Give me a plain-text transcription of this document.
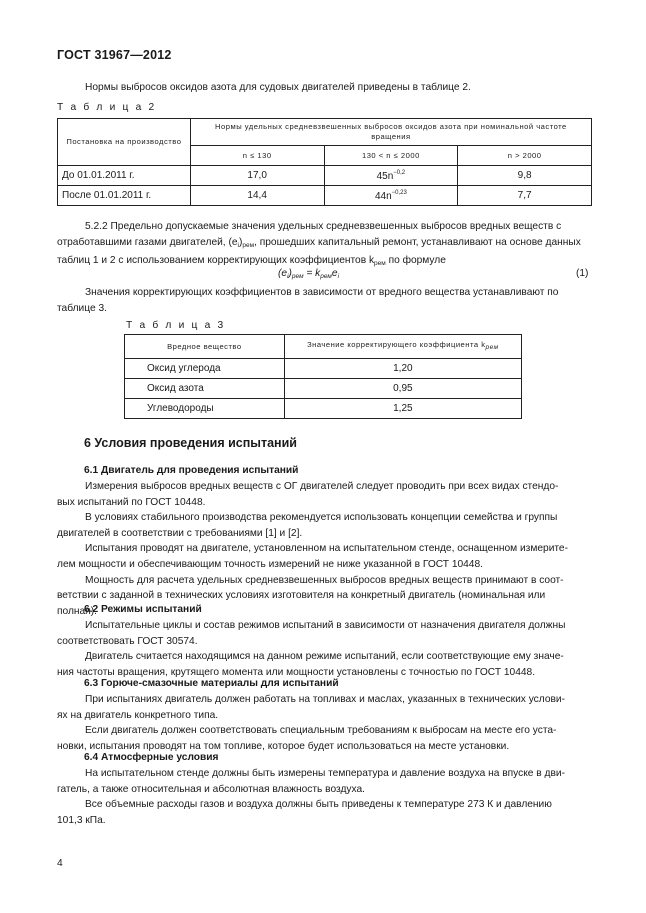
ГОСТ 31967—2012
Нормы выбросов оксидов азота для судовых двигателей приведены в таблице 2.
Т а б л и ц а 2
Постановка на производство	Нормы удельных средневзвешенных выбросов оксидов азота при номинальной частоте вращения		
	n ≤ 130	130 < n ≤ 2000	n > 2000
До 01.01.2011 г.	17,0	$45n^{-0,2}$	9,8
После 01.01.2011 г.	14,4	$44n^{-0,23}$	7,7
5.2.2 Предельно допускаемые значения удельных средневзвешенных выбросов вредных веществ с
отработавшими газами двигателей, $(e_i)_{рем}$, прошедших капитальный ремонт, устанавливают на основе данных
таблиц 1 и 2 с использованием корректирующих коэффициентов $k_{рем}$ по формуле
$(e_i)_{рем} = k_{рем}e_i$	(1)
Значения корректирующих коэффициентов в зависимости от вредного вещества устанавливают по
таблице 3.
Т а б л и ц а 3
Вредное вещество	Значение корректирующего коэффициента $k_{рем}$
Оксид углерода	1,20
Оксид азота	0,95
Углеводороды	1,25
6 Условия проведения испытаний
6.1 Двигатель для проведения испытаний
Измерения выбросов вредных веществ с ОГ двигателей следует проводить при всех видах стендо-
вых испытаний по ГОСТ 10448.
В условиях стабильного производства рекомендуется использовать концепции семейства и группы
двигателей в соответствии с требованиями [1] и [2].
Испытания проводят на двигателе, установленном на испытательном стенде, оснащенном измерите-
лем мощности и обеспечивающим точность измерений не ниже указанной в ГОСТ 10448.
Мощность для расчета удельных средневзвешенных выбросов вредных веществ принимают в соот-
ветствии с заданной в технических условиях изготовителя на конкретный двигатель (номинальная или
полная).
6.2 Режимы испытаний
Испытательные циклы и состав режимов испытаний в зависимости от назначения двигателя должны
соответствовать ГОСТ 30574.
Двигатель считается находящимся на данном режиме испытаний, если соответствующие ему значе-
ния частоты вращения, крутящего момента или мощности установлены с точностью по ГОСТ 10448.
6.3 Горюче-смазочные материалы для испытаний
При испытаниях двигатель должен работать на топливах и маслах, указанных в технических услови-
ях на двигатель конкретного типа.
Если двигатель должен соответствовать специальным требованиям к выбросам на месте его уста-
новки, испытания проводят на том топливе, которое будет использоваться на месте установки.
6.4 Атмосферные условия
На испытательном стенде должны быть измерены температура и давление воздуха на впуске в дви-
гатель, а также относительная и абсолютная влажность воздуха.
Все объемные расходы газов и воздуха должны быть приведены к температуре 273 К и давлению
101,3 кПа.
4
